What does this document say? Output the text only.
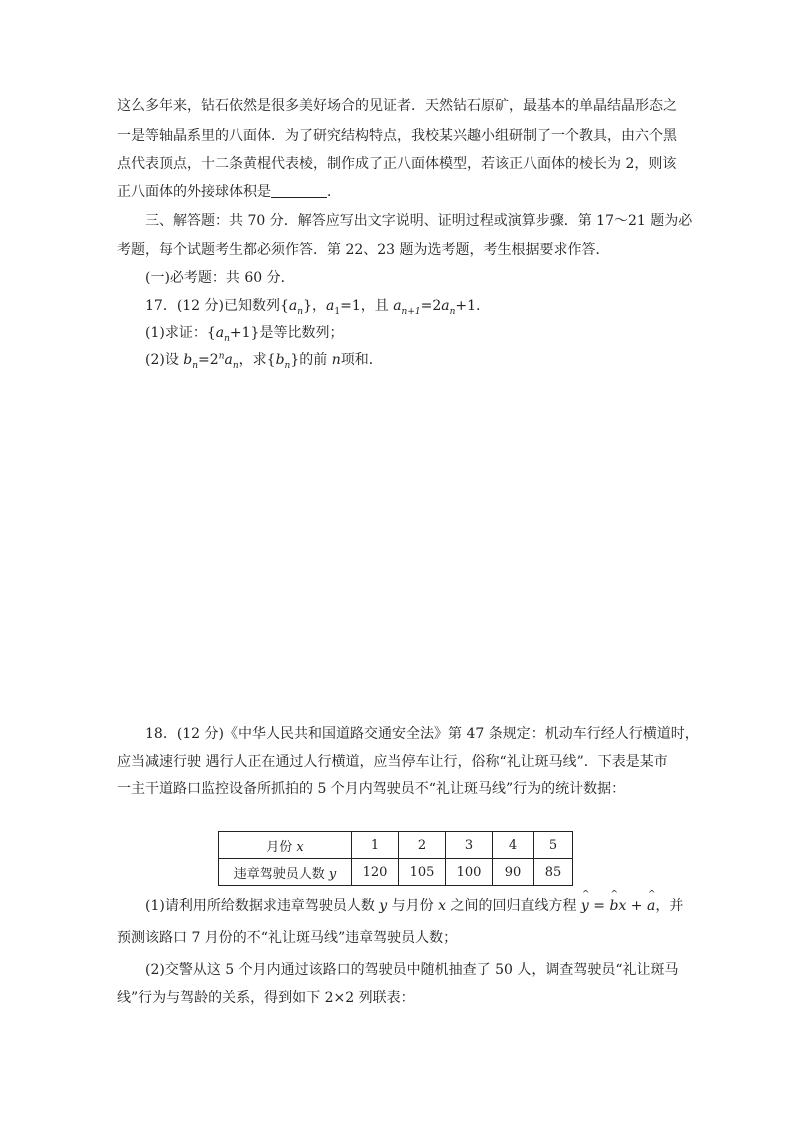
这么多年来，钻石依然是很多美好场合的见证者．天然钻石原矿，最基本的单晶结晶形态之
一是等轴晶系里的八面体．为了研究结构特点，我校某兴趣小组研制了一个教具，由六个黑
点代表顶点，十二条黄棍代表棱，制作成了正八面体模型，若该正八面体的棱长为 2，则该
正八面体的外接球体积是	．
三、解答题：共 70 分．解答应写出文字说明、证明过程或演算步骤．第 17～21 题为必
考题，每个试题考生都必须作答．第 22、23 题为选考题，考生根据要求作答．
(一)必考题：共 60 分．
17．(12 分)已知数列$\{a_n\}$，$a_1=1$，且 $a_{n+1}=2a_n+1$.
(1)求证：$\{a_n+1\}$是等比数列；
(2)设 $b_n=2^na_n$，求$\{b_n\}$的前 n项和．
18．(12 分)《中华人民共和国道路交通安全法》第 47 条规定：机动车行经人行横道时，
应当减速行驶 遇行人正在通过人行横道，应当停车让行，俗称“礼让斑马线”．下表是某市
一主干道路口监控设备所抓拍的 5 个月内驾驶员不“礼让斑马线”行为的统计数据：
月份 x	1	2	3	4	5
违章驾驶员人数 y	120	105	100	90	85
(1)请利用所给数据求违章驾驶员人数 y 与月份 x 之间的回归直线方程 ^ y = ^ bx + ^ a，并
预测该路口 7 月份的不“礼让斑马线”违章驾驶员人数；
(2)交警从这 5 个月内通过该路口的驾驶员中随机抽查了 50 人，调查驾驶员“礼让斑马
线”行为与驾龄的关系，得到如下 2×2 列联表：
